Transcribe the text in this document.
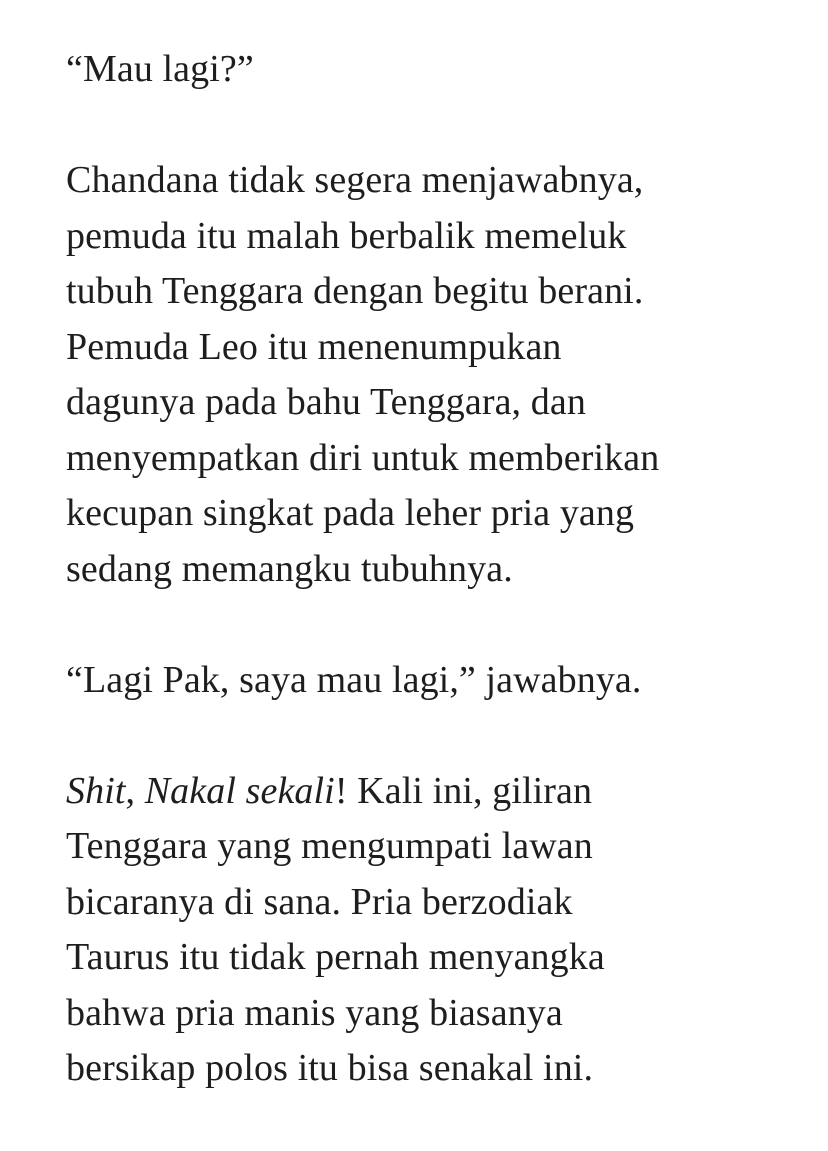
“Mau lagi?”
Chandana tidak segera menjawabnya,
pemuda itu malah berbalik memeluk
tubuh Tenggara dengan begitu berani.
Pemuda Leo itu menenumpukan
dagunya pada bahu Tenggara, dan
menyempatkan diri untuk memberikan
kecupan singkat pada leher pria yang
sedang memangku tubuhnya.
“Lagi Pak, saya mau lagi,” jawabnya.
Shit, Nakal sekali! Kali ini, giliran
Tenggara yang mengumpati lawan
bicaranya di sana. Pria berzodiak
Taurus itu tidak pernah menyangka
bahwa pria manis yang biasanya
bersikap polos itu bisa senakal ini.
